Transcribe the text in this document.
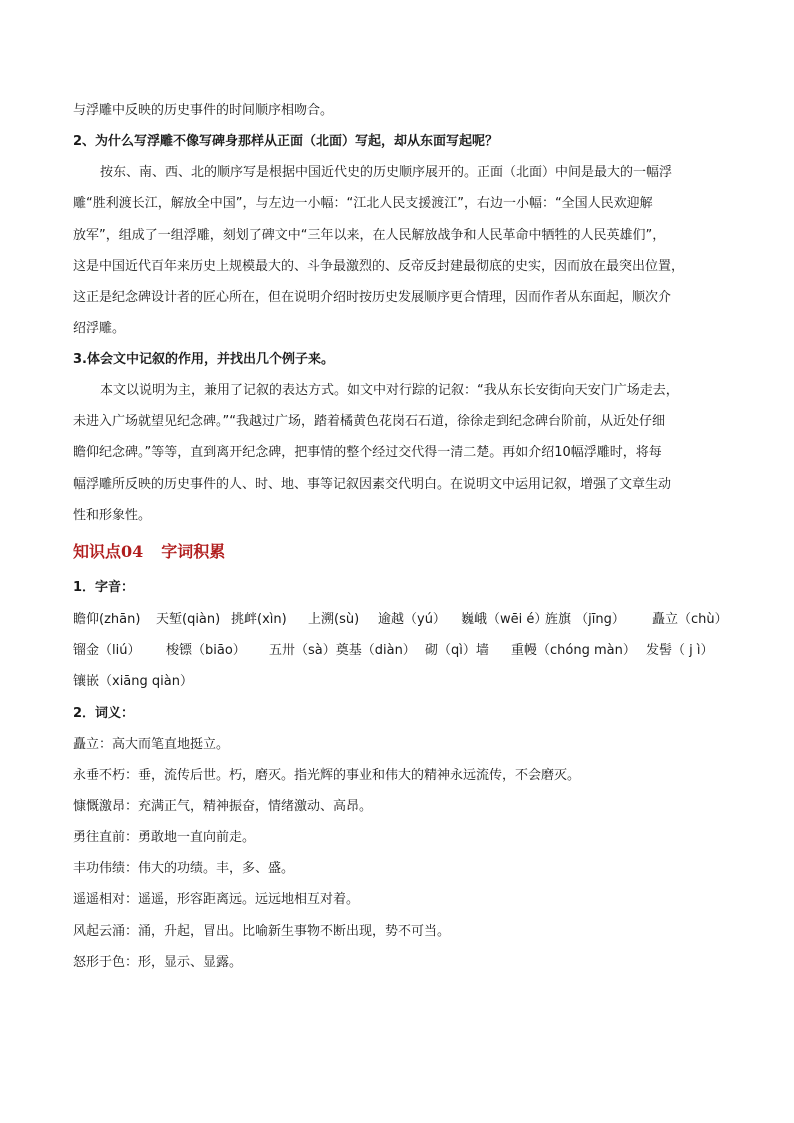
与浮雕中反映的历史事件的时间顺序相吻合。
2、为什么写浮雕不像写碑身那样从正面（北面）写起，却从东面写起呢？
按东、南、西、北的顺序写是根据中国近代史的历史顺序展开的。正面（北面）中间是最大的一幅浮
雕“胜利渡长江，解放全中国”，与左边一小幅：“江北人民支援渡江”，右边一小幅：“全国人民欢迎解
放军”，组成了一组浮雕，刻划了碑文中“三年以来，在人民解放战争和人民革命中牺牲的人民英雄们”，
这是中国近代百年来历史上规模最大的、斗争最激烈的、反帝反封建最彻底的史实，因而放在最突出位置，
这正是纪念碑设计者的匠心所在，但在说明介绍时按历史发展顺序更合情理，因而作者从东面起，顺次介
绍浮雕。
3.体会文中记叙的作用，并找出几个例子来。
本文以说明为主，兼用了记叙的表达方式。如文中对行踪的记叙：“我从东长安街向天安门广场走去，
未进入广场就望见纪念碑。”“我越过广场，踏着橘黄色花岗石石道，徐徐走到纪念碑台阶前，从近处仔细
瞻仰纪念碑。”等等，直到离开纪念碑，把事情的整个经过交代得一清二楚。再如介绍10幅浮雕时，将每
幅浮雕所反映的历史事件的人、时、地、事等记叙因素交代明白。在说明文中运用记叙，增强了文章生动
性和形象性。
知识点04 字词积累
1．字音：
瞻仰(zhān) 天堑(qiàn) 挑衅(xìn) 上溯(sù) 逾越（yú） 巍峨（wēi é）
旌旗 （jīng） 矗立（chù）
镏金（liú） 梭镖（biāo） 五卅（sà）奠基（diàn） 砌（qì）墙 重幔（chóng màn） 发髻（ j ì）
镶嵌（xiāng qiàn）
2．词义：
矗立：高大而笔直地挺立。
永垂不朽：垂，流传后世。朽，磨灭。指光辉的事业和伟大的精神永远流传，不会磨灭。
慷慨激昂：充满正气，精神振奋，情绪激动、高昂。
勇往直前：勇敢地一直向前走。
丰功伟绩：伟大的功绩。丰，多、盛。
遥遥相对：遥遥，形容距离远。远远地相互对着。
风起云涌：涌，升起，冒出。比喻新生事物不断出现，势不可当。
怒形于色：形，显示、显露。
